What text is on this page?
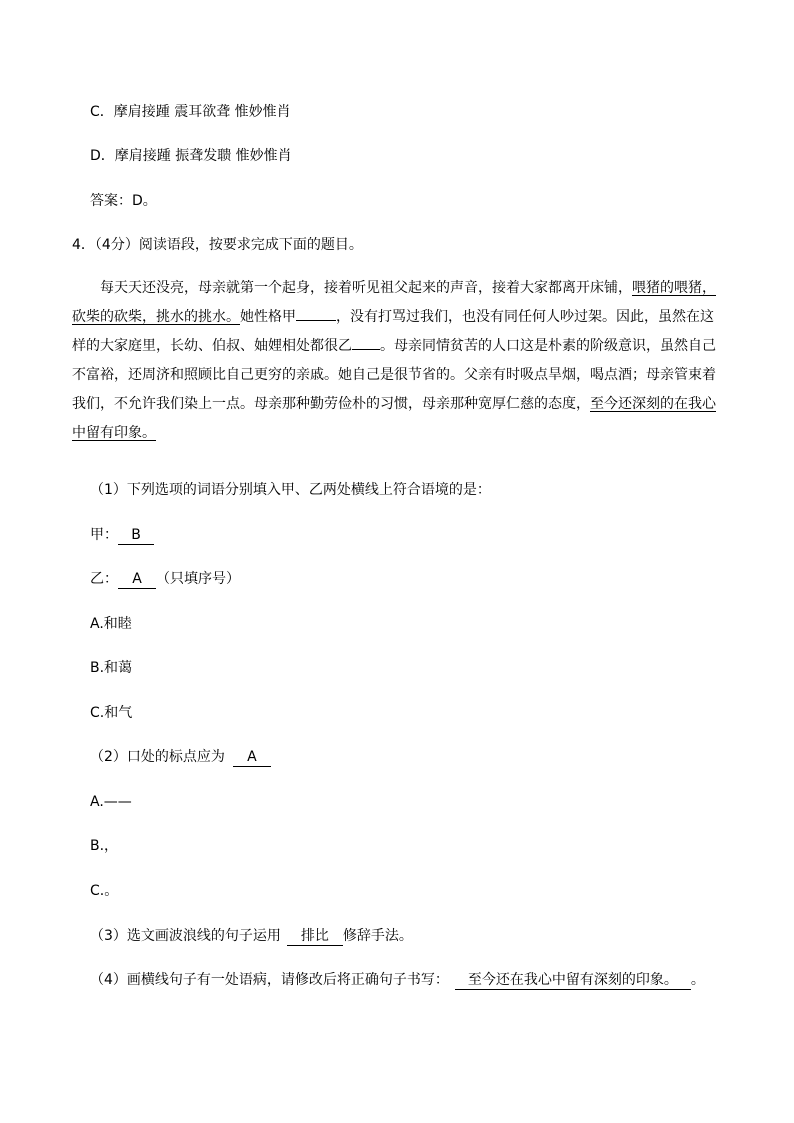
C．摩肩接踵 震耳欲聋 惟妙惟肖
D．摩肩接踵 振聋发聩 惟妙惟肖
答案：D。
4．（4分）阅读语段，按要求完成下面的题目。
每天天还没亮，母亲就第一个起身，接着听见祖父起来的声音，接着大家都离开床铺，喂猪的喂猪，砍柴的砍柴，挑水的挑水。她性格甲	，没有打骂过我们，也没有同任何人吵过架。因此，虽然在这样的大家庭里，长幼、伯叔、妯娌相处都很乙 。母亲同情贫苦的人口这是朴素的阶级意识，虽然自己不富裕，还周济和照顾比自己更穷的亲戚。她自己是很节省的。父亲有时吸点旱烟，喝点酒；母亲管束着我们，不允许我们染上一点。母亲那种勤劳俭朴的习惯，母亲那种宽厚仁慈的态度，至今还深刻的在我心中留有印象。
（1）下列选项的词语分别填入甲、乙两处横线上符合语境的是：
甲： B
乙： A （只填序号）
A.和睦
B.和蔼
C.和气
（2）口处的标点应为 A
A.——
B.，
C.。
（3）选文画波浪线的句子运用 排比 修辞手法。
（4）画横线句子有一处语病，请修改后将正确句子书写： 至今还在我心中留有深刻的印象。 。
